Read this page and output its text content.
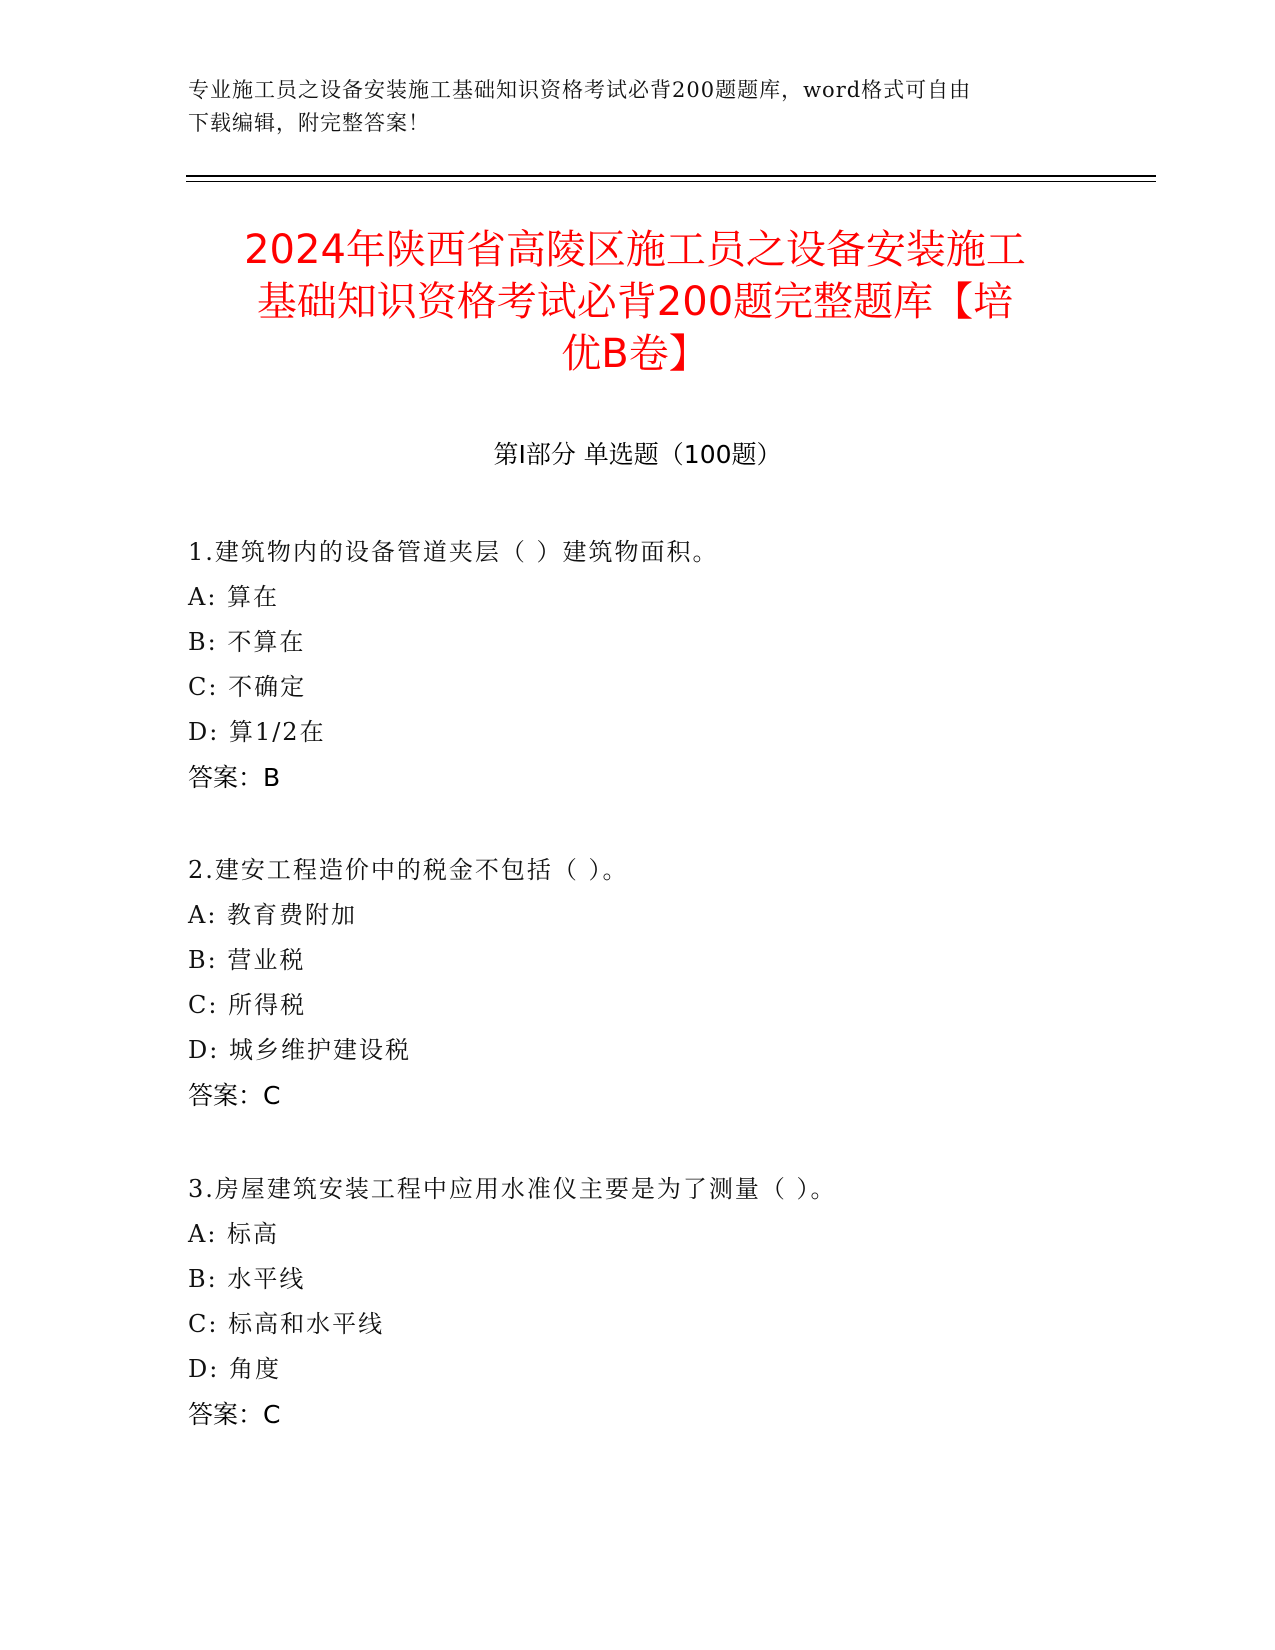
专业施工员之设备安装施工基础知识资格考试必背200题题库，word格式可自由
下载编辑，附完整答案！
2024年陕西省高陵区施工员之设备安装施工
基础知识资格考试必背200题完整题库【培
优B卷】
第Ⅰ部分 单选题（100题）
1.建筑物内的设备管道夹层（ ）建筑物面积。
A: 算在
B: 不算在
C: 不确定
D: 算1/2在
答案：B
2.建安工程造价中的税金不包括（ ）。
A: 教育费附加
B: 营业税
C: 所得税
D: 城乡维护建设税
答案：C
3.房屋建筑安装工程中应用水准仪主要是为了测量（ ）。
A: 标高
B: 水平线
C: 标高和水平线
D: 角度
答案：C
